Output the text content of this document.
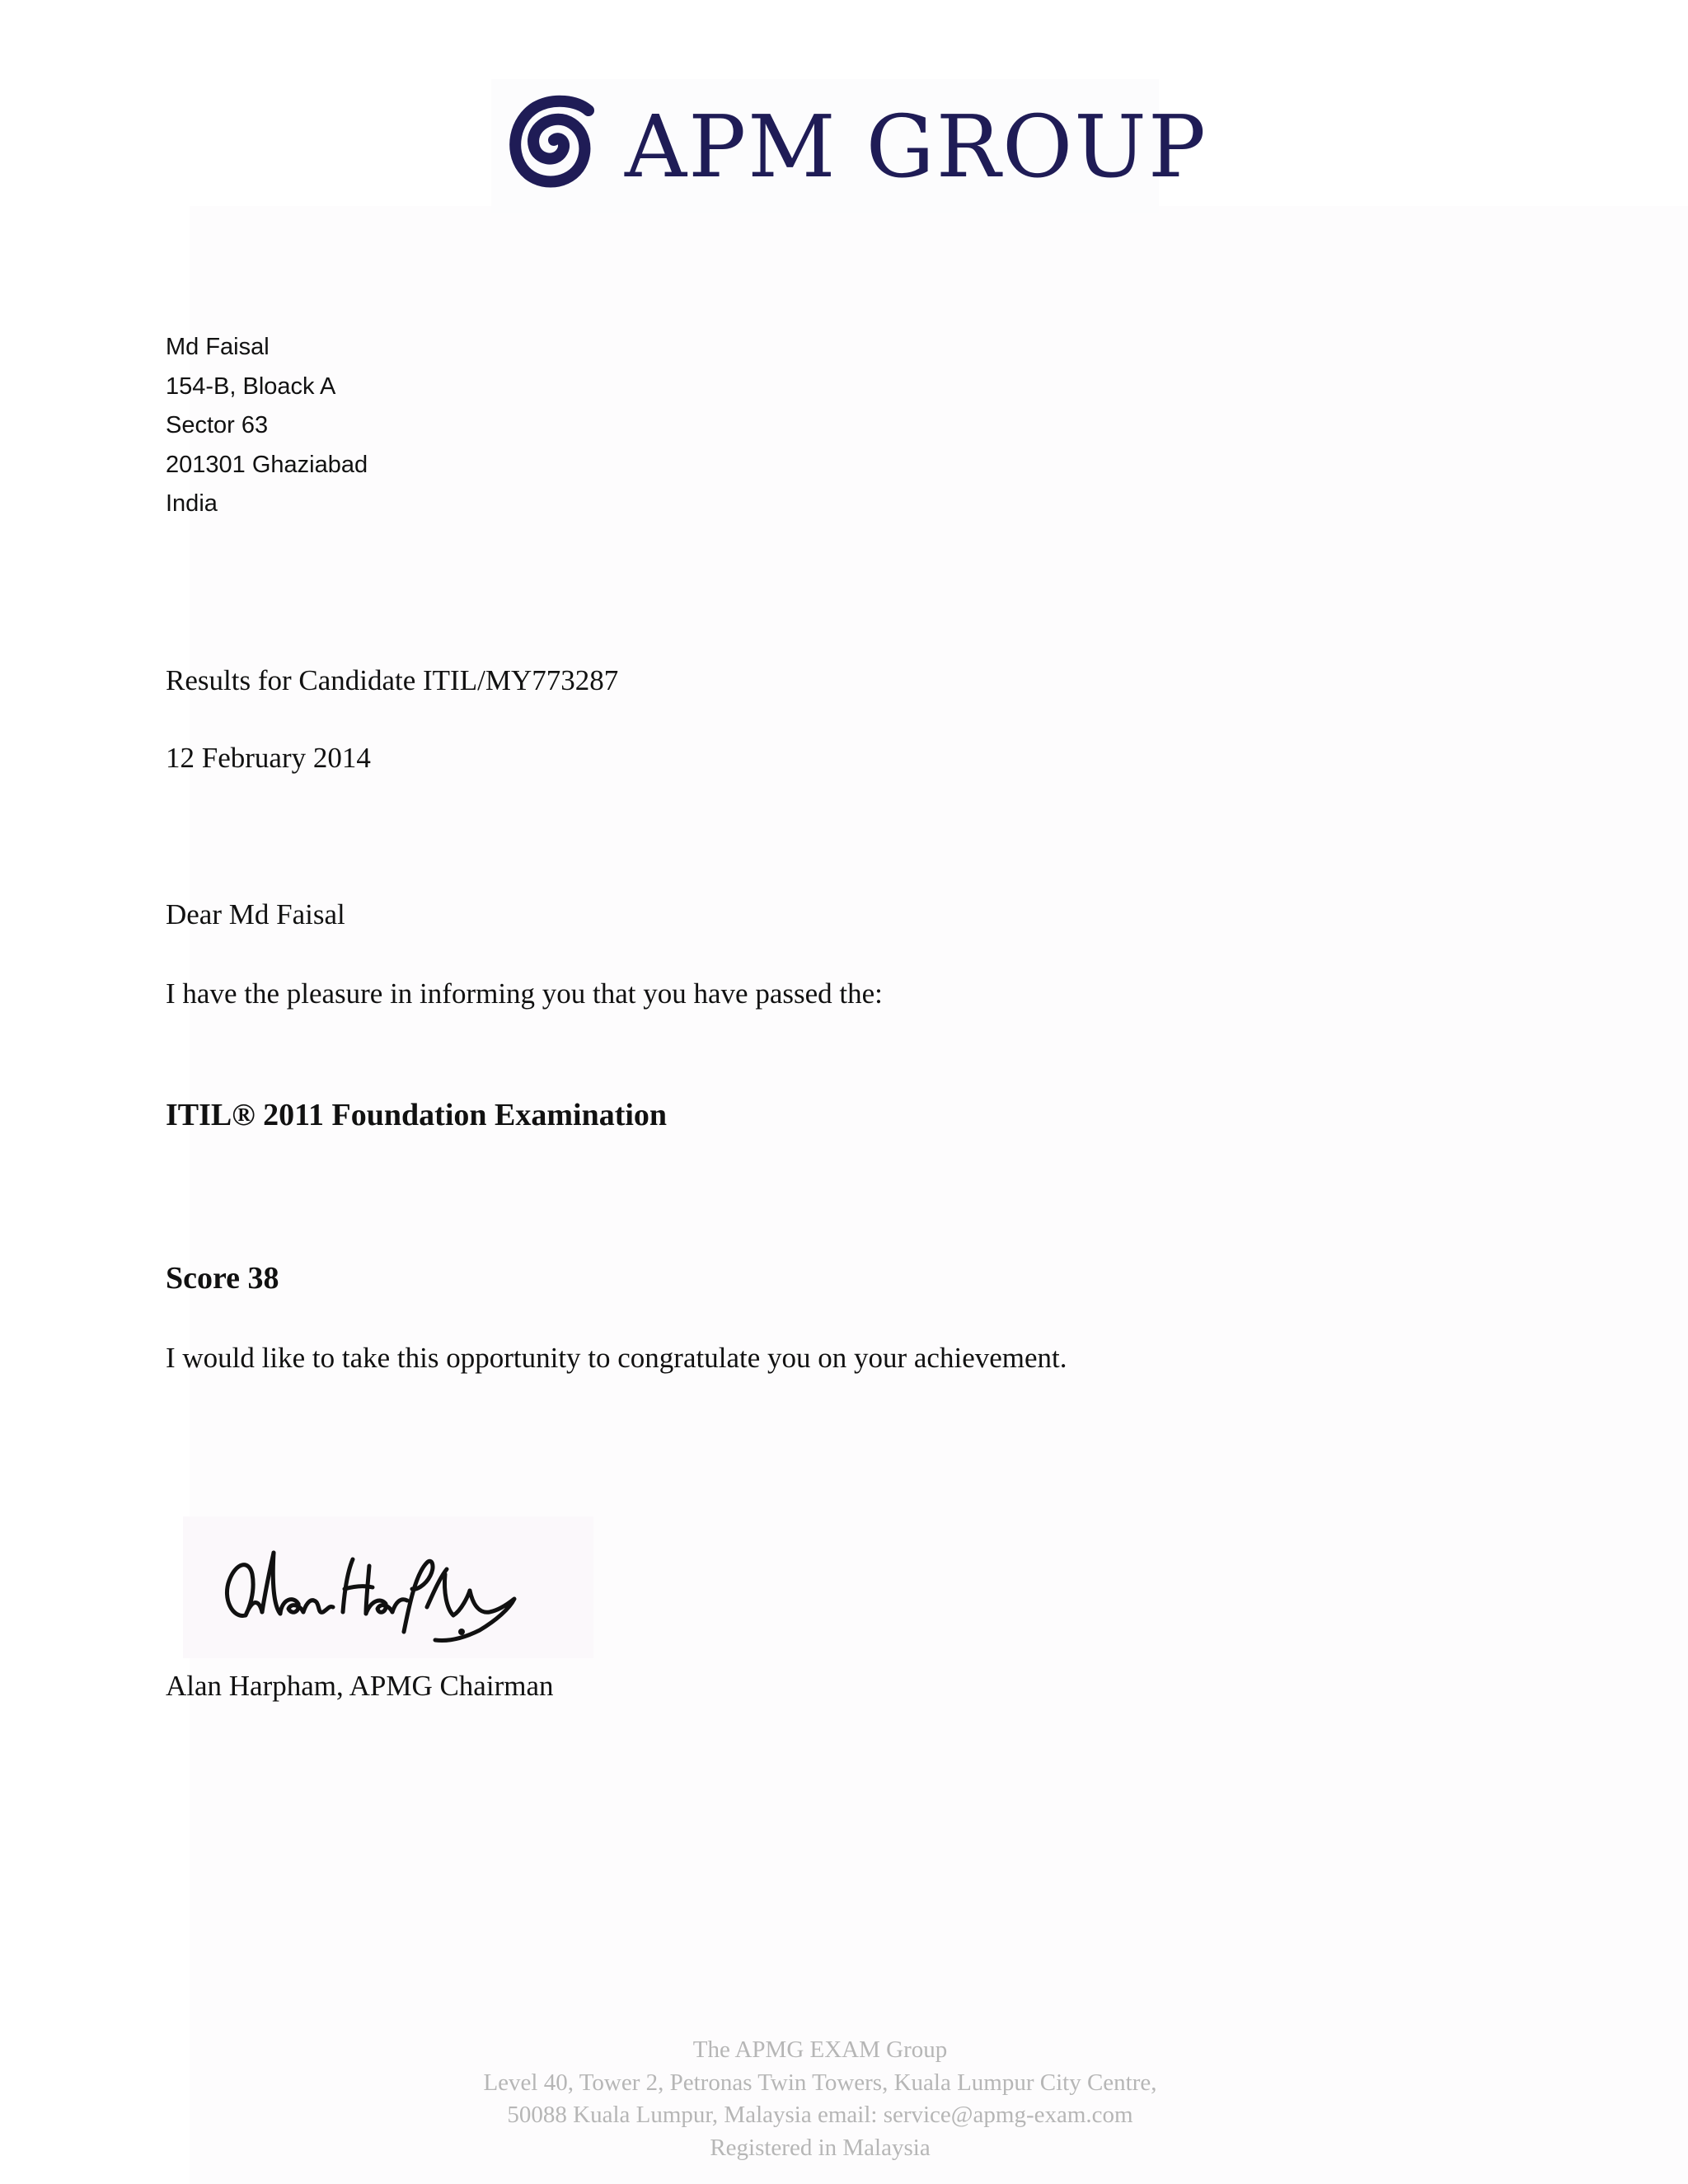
APM GROUP
Md Faisal
154-B, Bloack A
Sector 63
201301 Ghaziabad
India
Results for Candidate ITIL/MY773287
12 February 2014
Dear Md Faisal
I have the pleasure in informing you that you have passed the:
ITIL® 2011 Foundation Examination
Score 38
I would like to take this opportunity to congratulate you on your achievement.
Alan Harpham, APMG Chairman
The APMG EXAM Group
Level 40, Tower 2, Petronas Twin Towers, Kuala Lumpur City Centre,
50088 Kuala Lumpur, Malaysia email: service@apmg-exam.com
Registered in Malaysia
